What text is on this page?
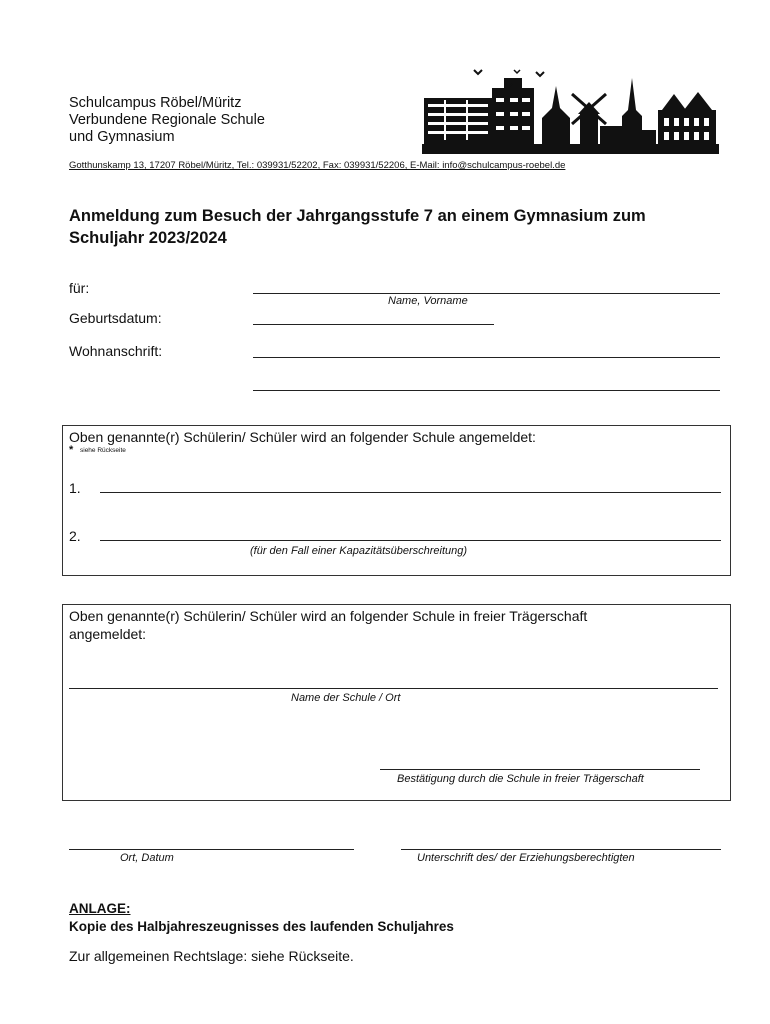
Schulcampus Röbel/Müritz
Verbundene Regionale Schule
und Gymnasium
Gotthunskamp 13, 17207 Röbel/Müritz, Tel.: 039931/52202, Fax: 039931/52206, E-Mail: info@schulcampus-roebel.de
Anmeldung zum Besuch der Jahrgangsstufe 7 an einem Gymnasium zum
Schuljahr 2023/2024
für:
Name, Vorname
Geburtsdatum:
Wohnanschrift:
Oben genannte(r) Schülerin/ Schüler wird an folgender Schule angemeldet:
* siehe Rückseite
1.
2.
(für den Fall einer Kapazitätsüberschreitung)
Oben genannte(r) Schülerin/ Schüler wird an folgender Schule in freier Trägerschaft
angemeldet:
Name der Schule / Ort
Bestätigung durch die Schule in freier Trägerschaft
Ort, Datum	Unterschrift des/ der Erziehungsberechtigten
ANLAGE:
Kopie des Halbjahreszeugnisses des laufenden Schuljahres
Zur allgemeinen Rechtslage: siehe Rückseite.
